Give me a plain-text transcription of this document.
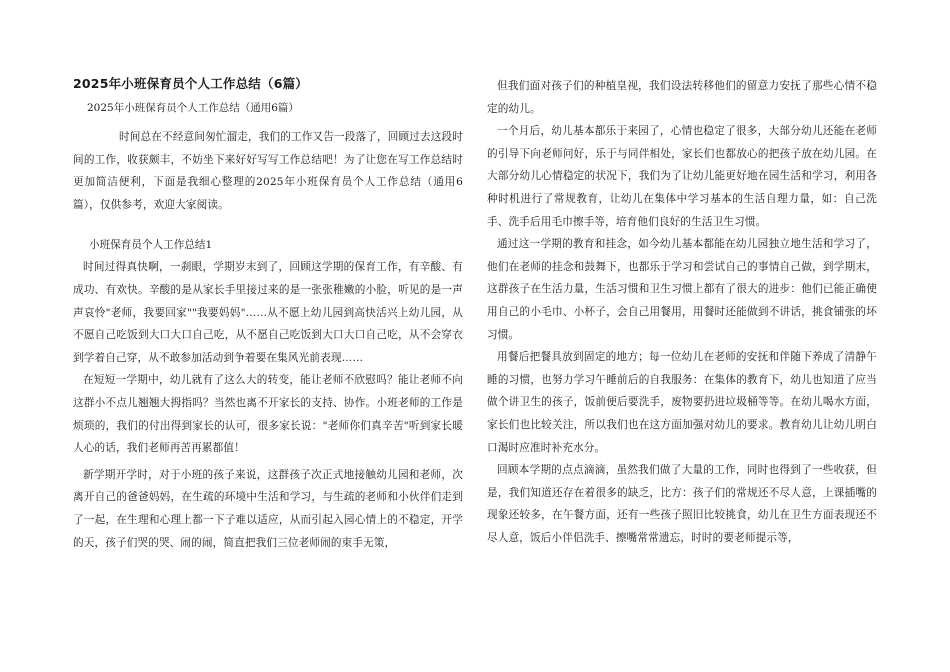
2025年小班保育员个人工作总结（6篇）
2025年小班保育员个人工作总结（通用6篇）

时间总在不经意间匆忙溜走，我们的工作又告一段落了，回顾过去这段时间的工作，收获颇丰，不妨坐下来好好写写工作总结吧！为了让您在写工作总结时更加简洁便利，下面是我细心整理的2025年小班保育员个人工作总结（通用6篇），仅供参考，欢迎大家阅读。

小班保育员个人工作总结1

时间过得真快啊，一刹眼，学期岁末到了，回顾这学期的保育工作，有辛酸、有成功、有欢快。辛酸的是从家长手里接过来的是一张张稚嫩的小脸，听见的是一声声哀怜"老师，我要回家""我要妈妈"……从不愿上幼儿园到高快活兴上幼儿园，从不愿自己吃饭到大口大口自己吃，从不愿自己吃饭到大口大口自己吃，从不会穿衣到学着自己穿，从不敢参加活动到争着要在集风光前表现……

在短短一学期中，幼儿就有了这么大的转变，能让老师不欣慰吗？能让老师不向这群小不点儿翘翘大拇指吗？当然也离不开家长的支持、协作。小班老师的工作是烦琐的，我们的付出得到家长的认可，很多家长说："老师你们真辛苦"听到家长暖人心的话，我们老师再苦再累都值！

新学期开学时，对于小班的孩子来说，这群孩子次正式地接触幼儿园和老师，次离开自己的爸爸妈妈，在生疏的环境中生活和学习，与生疏的老师和小伙伴们走到了一起，在生理和心理上都一下子难以适应，从而引起入园心情上的不稳定，开学的天，孩子们哭的哭、闹的闹，简直把我们三位老师闹的束手无策，

但我们面对孩子们的种植皇视，我们设法转移他们的留意力安抚了那些心情不稳定的幼儿。

一个月后，幼儿基本都乐于来园了，心情也稳定了很多，大部分幼儿还能在老师的引导下向老师问好，乐于与同伴相处，家长们也都放心的把孩子放在幼儿园。在大部分幼儿心情稳定的状况下，我们为了让幼儿能更好地在园生活和学习，利用各种时机进行了常规教育，让幼儿在集体中学习基本的生活自理力量，如：自己洗手、洗手后用毛巾擦手等，培育他们良好的生活卫生习惯。

通过这一学期的教育和挂念，如今幼儿基本都能在幼儿园独立地生活和学习了，他们在老师的挂念和鼓舞下，也都乐于学习和尝试自己的事情自己做，到学期末，这群孩子在生活力量，生活习惯和卫生习惯上都有了很大的进步：他们已能正确使用自己的小毛巾、小杯子，会自己用餐用，用餐时还能做到不讲话，挑食铺张的坏习惯。

用餐后把餐具放到固定的地方；每一位幼儿在老师的安抚和伴随下养成了清静午睡的习惯，也努力学习午睡前后的自我服务：在集体的教育下，幼儿也知道了应当做个讲卫生的孩子，饭前便后要洗手，废物要扔进垃圾桶等等。在幼儿喝水方面，家长们也比较关注，所以我们也在这方面加强对幼儿的要求。教育幼儿让幼儿明白口渴时应准时补充水分。

回顾本学期的点点滴滴，虽然我们做了大量的工作，同时也得到了一些收获，但是，我们知道还存在着很多的缺乏，比方：孩子们的常规还不尽人意，上课插嘴的现象还较多，在午餐方面，还有一些孩子照旧比较挑食，幼儿在卫生方面表现还不尽人意，饭后小伴侣洗手、擦嘴常常遗忘，时时的要老师提示等，
